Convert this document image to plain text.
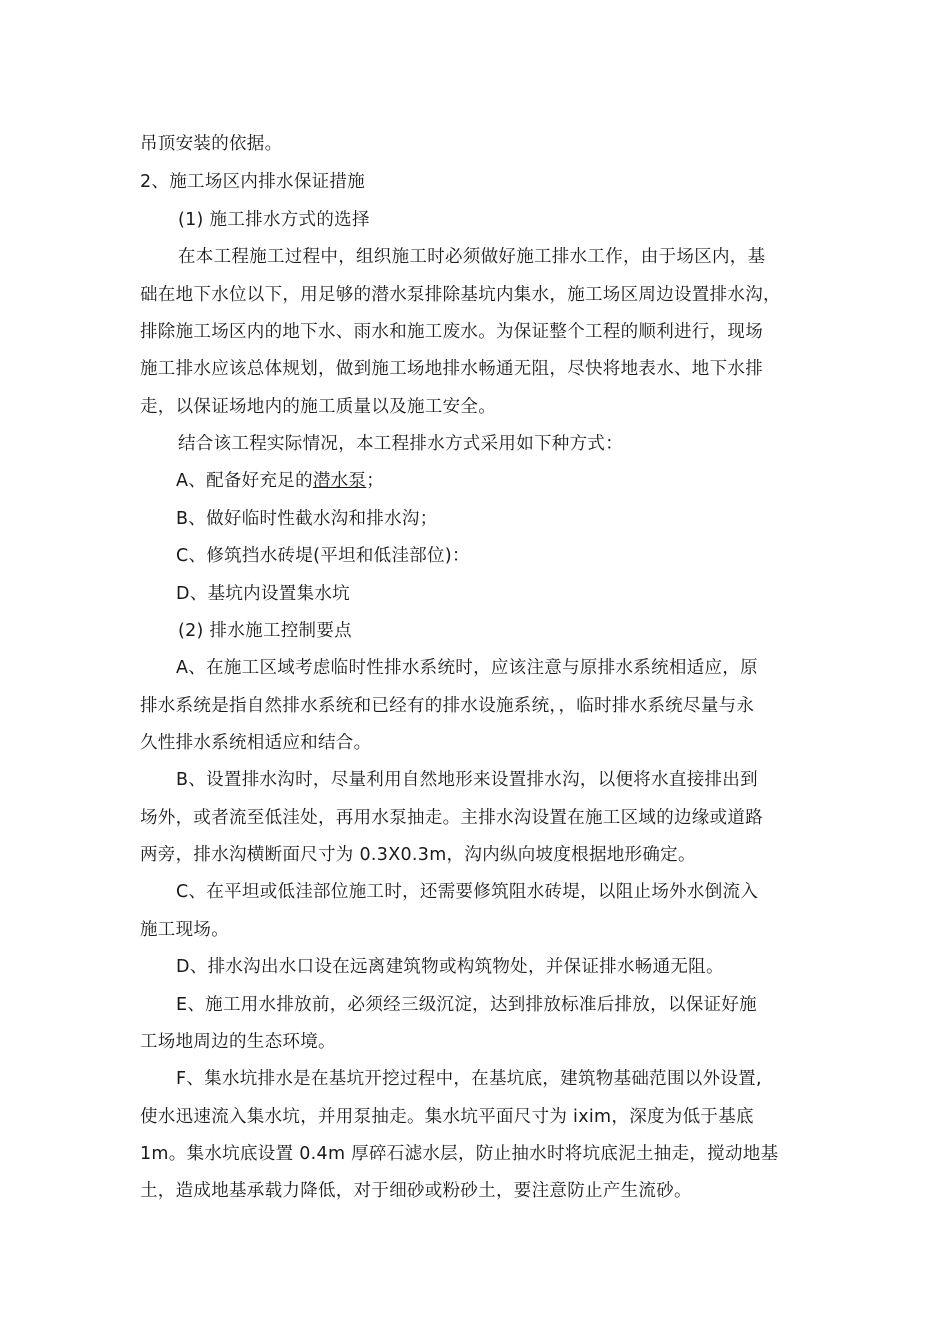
吊顶安装的依据。
2、施工场区内排水保证措施
(1) 施工排水方式的选择
在本工程施工过程中，组织施工时必须做好施工排水工作，由于场区内，基
础在地下水位以下，用足够的潜水泵排除基坑内集水，施工场区周边设置排水沟，
排除施工场区内的地下水、雨水和施工废水。为保证整个工程的顺利进行，现场
施工排水应该总体规划，做到施工场地排水畅通无阻，尽快将地表水、地下水排
走，以保证场地内的施工质量以及施工安全。
结合该工程实际情况，本工程排水方式采用如下种方式：
A、配备好充足的潜水泵；
B、做好临时性截水沟和排水沟；
C、修筑挡水砖堤(平坦和低洼部位)：
D、基坑内设置集水坑
(2) 排水施工控制要点
A、在施工区域考虑临时性排水系统时，应该注意与原排水系统相适应，原
排水系统是指自然排水系统和已经有的排水设施系统，，临时排水系统尽量与永
久性排水系统相适应和结合。
B、设置排水沟时，尽量利用自然地形来设置排水沟，以便将水直接排出到
场外，或者流至低洼处，再用水泵抽走。主排水沟设置在施工区域的边缘或道路
两旁，排水沟横断面尺寸为 0.3X0.3m，沟内纵向坡度根据地形确定。
C、在平坦或低洼部位施工时，还需要修筑阻水砖堤，以阻止场外水倒流入
施工现场。
D、排水沟出水口设在远离建筑物或构筑物处，并保证排水畅通无阻。
E、施工用水排放前，必须经三级沉淀，达到排放标准后排放，以保证好施
工场地周边的生态环境。
F、集水坑排水是在基坑开挖过程中，在基坑底，建筑物基础范围以外设置,
使水迅速流入集水坑，并用泵抽走。集水坑平面尺寸为 ixim，深度为低于基底
1m。集水坑底设置 0.4m 厚碎石滤水层，防止抽水时将坑底泥土抽走，搅动地基
土，造成地基承载力降低，对于细砂或粉砂土，要注意防止产生流砂。
